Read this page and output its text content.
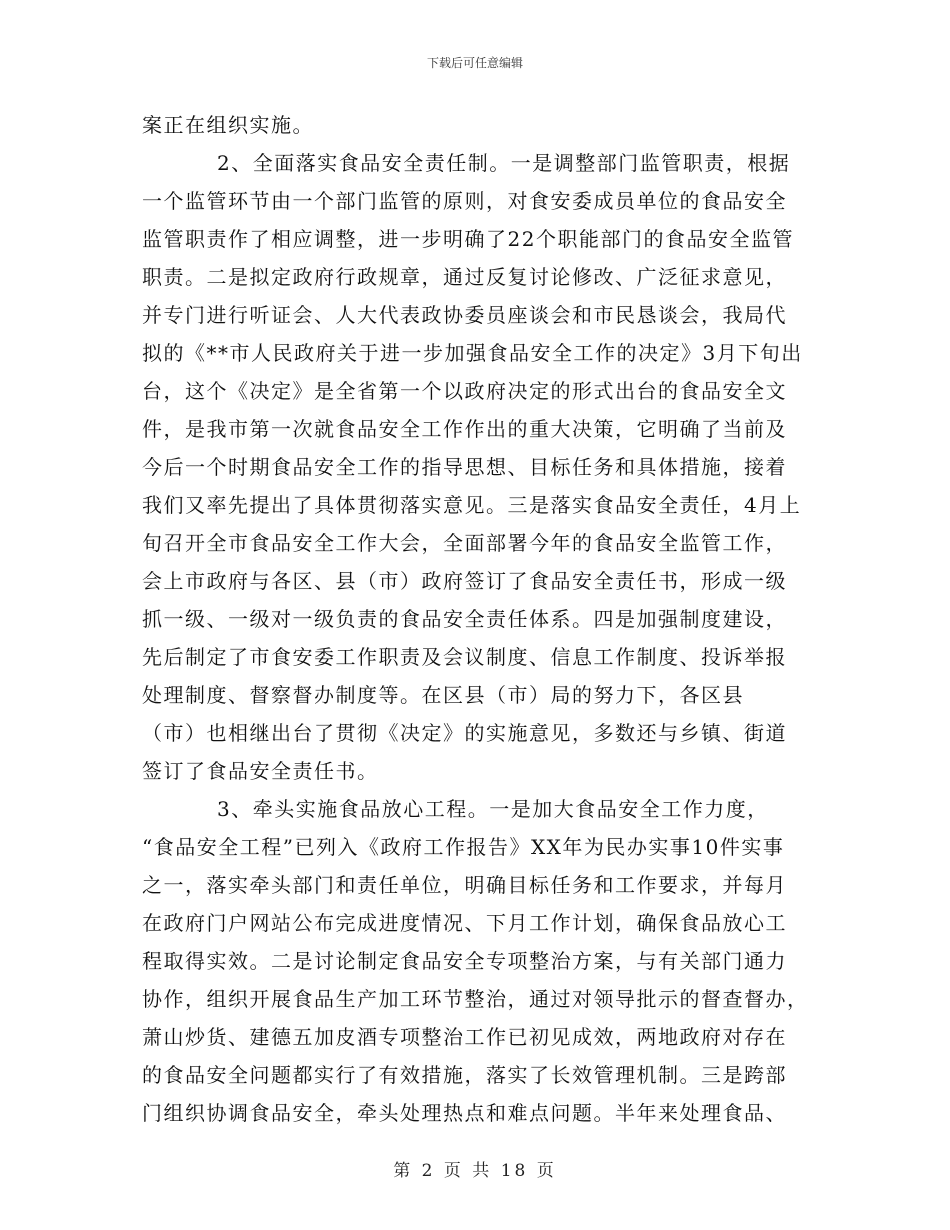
下载后可任意编辑
案正在组织实施。
2、全面落实食品安全责任制。一是调整部门监管职责，根据
一个监管环节由一个部门监管的原则，对食安委成员单位的食品安全
监管职责作了相应调整，进一步明确了22个职能部门的食品安全监管
职责。二是拟定政府行政规章，通过反复讨论修改、广泛征求意见，
并专门进行听证会、人大代表政协委员座谈会和市民恳谈会，我局代
拟的《**市人民政府关于进一步加强食品安全工作的决定》3月下旬出
台，这个《决定》是全省第一个以政府决定的形式出台的食品安全文
件，是我市第一次就食品安全工作作出的重大决策，它明确了当前及
今后一个时期食品安全工作的指导思想、目标任务和具体措施，接着
我们又率先提出了具体贯彻落实意见。三是落实食品安全责任，4月上
旬召开全市食品安全工作大会，全面部署今年的食品安全监管工作，
会上市政府与各区、县（市）政府签订了食品安全责任书，形成一级
抓一级、一级对一级负责的食品安全责任体系。四是加强制度建设，
先后制定了市食安委工作职责及会议制度、信息工作制度、投诉举报
处理制度、督察督办制度等。在区县（市）局的努力下，各区县
（市）也相继出台了贯彻《决定》的实施意见，多数还与乡镇、街道
签订了食品安全责任书。
3、牵头实施食品放心工程。一是加大食品安全工作力度，
“食品安全工程”已列入《政府工作报告》XX年为民办实事10件实事
之一，落实牵头部门和责任单位，明确目标任务和工作要求，并每月
在政府门户网站公布完成进度情况、下月工作计划，确保食品放心工
程取得实效。二是讨论制定食品安全专项整治方案，与有关部门通力
协作，组织开展食品生产加工环节整治，通过对领导批示的督查督办，
萧山炒货、建德五加皮酒专项整治工作已初见成效，两地政府对存在
的食品安全问题都实行了有效措施，落实了长效管理机制。三是跨部
门组织协调食品安全，牵头处理热点和难点问题。半年来处理食品、
第 2 页 共 18 页
